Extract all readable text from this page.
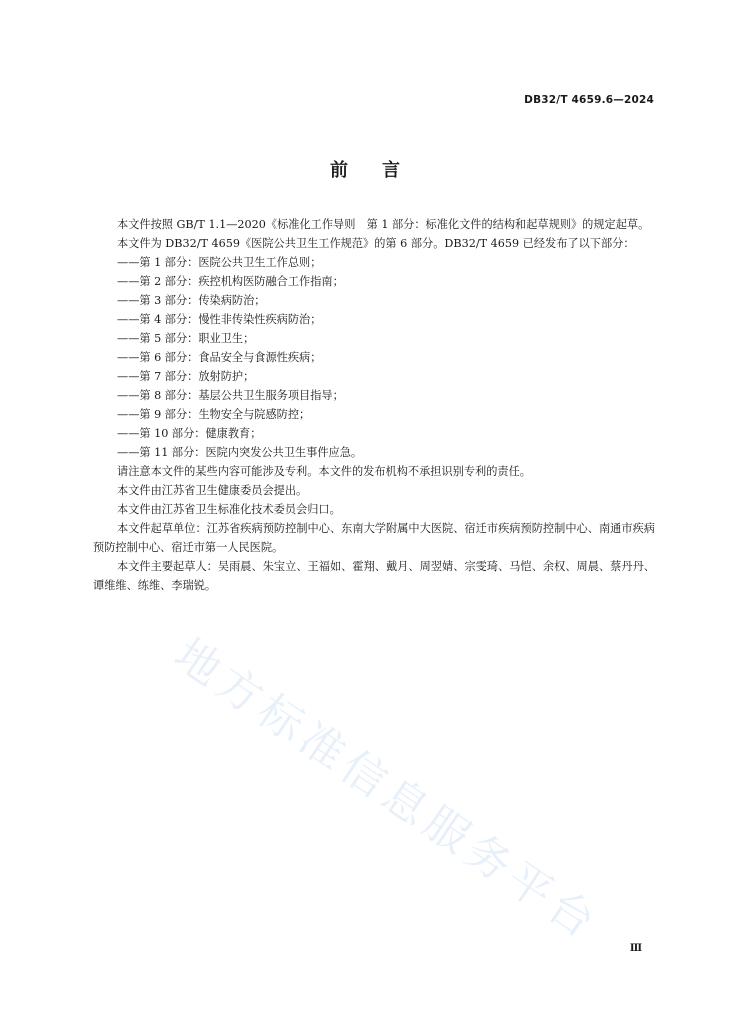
DB32/T 4659.6—2024
前言

本文件按照 GB/T 1.1—2020《标准化工作导则　第 1 部分：标准化文件的结构和起草规则》的规定起草。

本文件为 DB32/T 4659《医院公共卫生工作规范》的第 6 部分。DB32/T 4659 已经发布了以下部分：

——第 1 部分：医院公共卫生工作总则；
——第 2 部分：疾控机构医防融合工作指南；
——第 3 部分：传染病防治；
——第 4 部分：慢性非传染性疾病防治；
——第 5 部分：职业卫生；
——第 6 部分：食品安全与食源性疾病；
——第 7 部分：放射防护；
——第 8 部分：基层公共卫生服务项目指导；
——第 9 部分：生物安全与院感防控；
——第 10 部分：健康教育；
——第 11 部分：医院内突发公共卫生事件应急。

请注意本文件的某些内容可能涉及专利。本文件的发布机构不承担识别专利的责任。

本文件由江苏省卫生健康委员会提出。

本文件由江苏省卫生标准化技术委员会归口。

本文件起草单位：江苏省疾病预防控制中心、东南大学附属中大医院、宿迁市疾病预防控制中心、南通市疾病预防控制中心、宿迁市第一人民医院。

本文件主要起草人：吴雨晨、朱宝立、王福如、霍翔、戴月、周翌婧、宗雯琦、马恺、余权、周晨、蔡丹丹、谭维维、练维、李瑞锐。

地方标准信息服务平台	Ⅲ
